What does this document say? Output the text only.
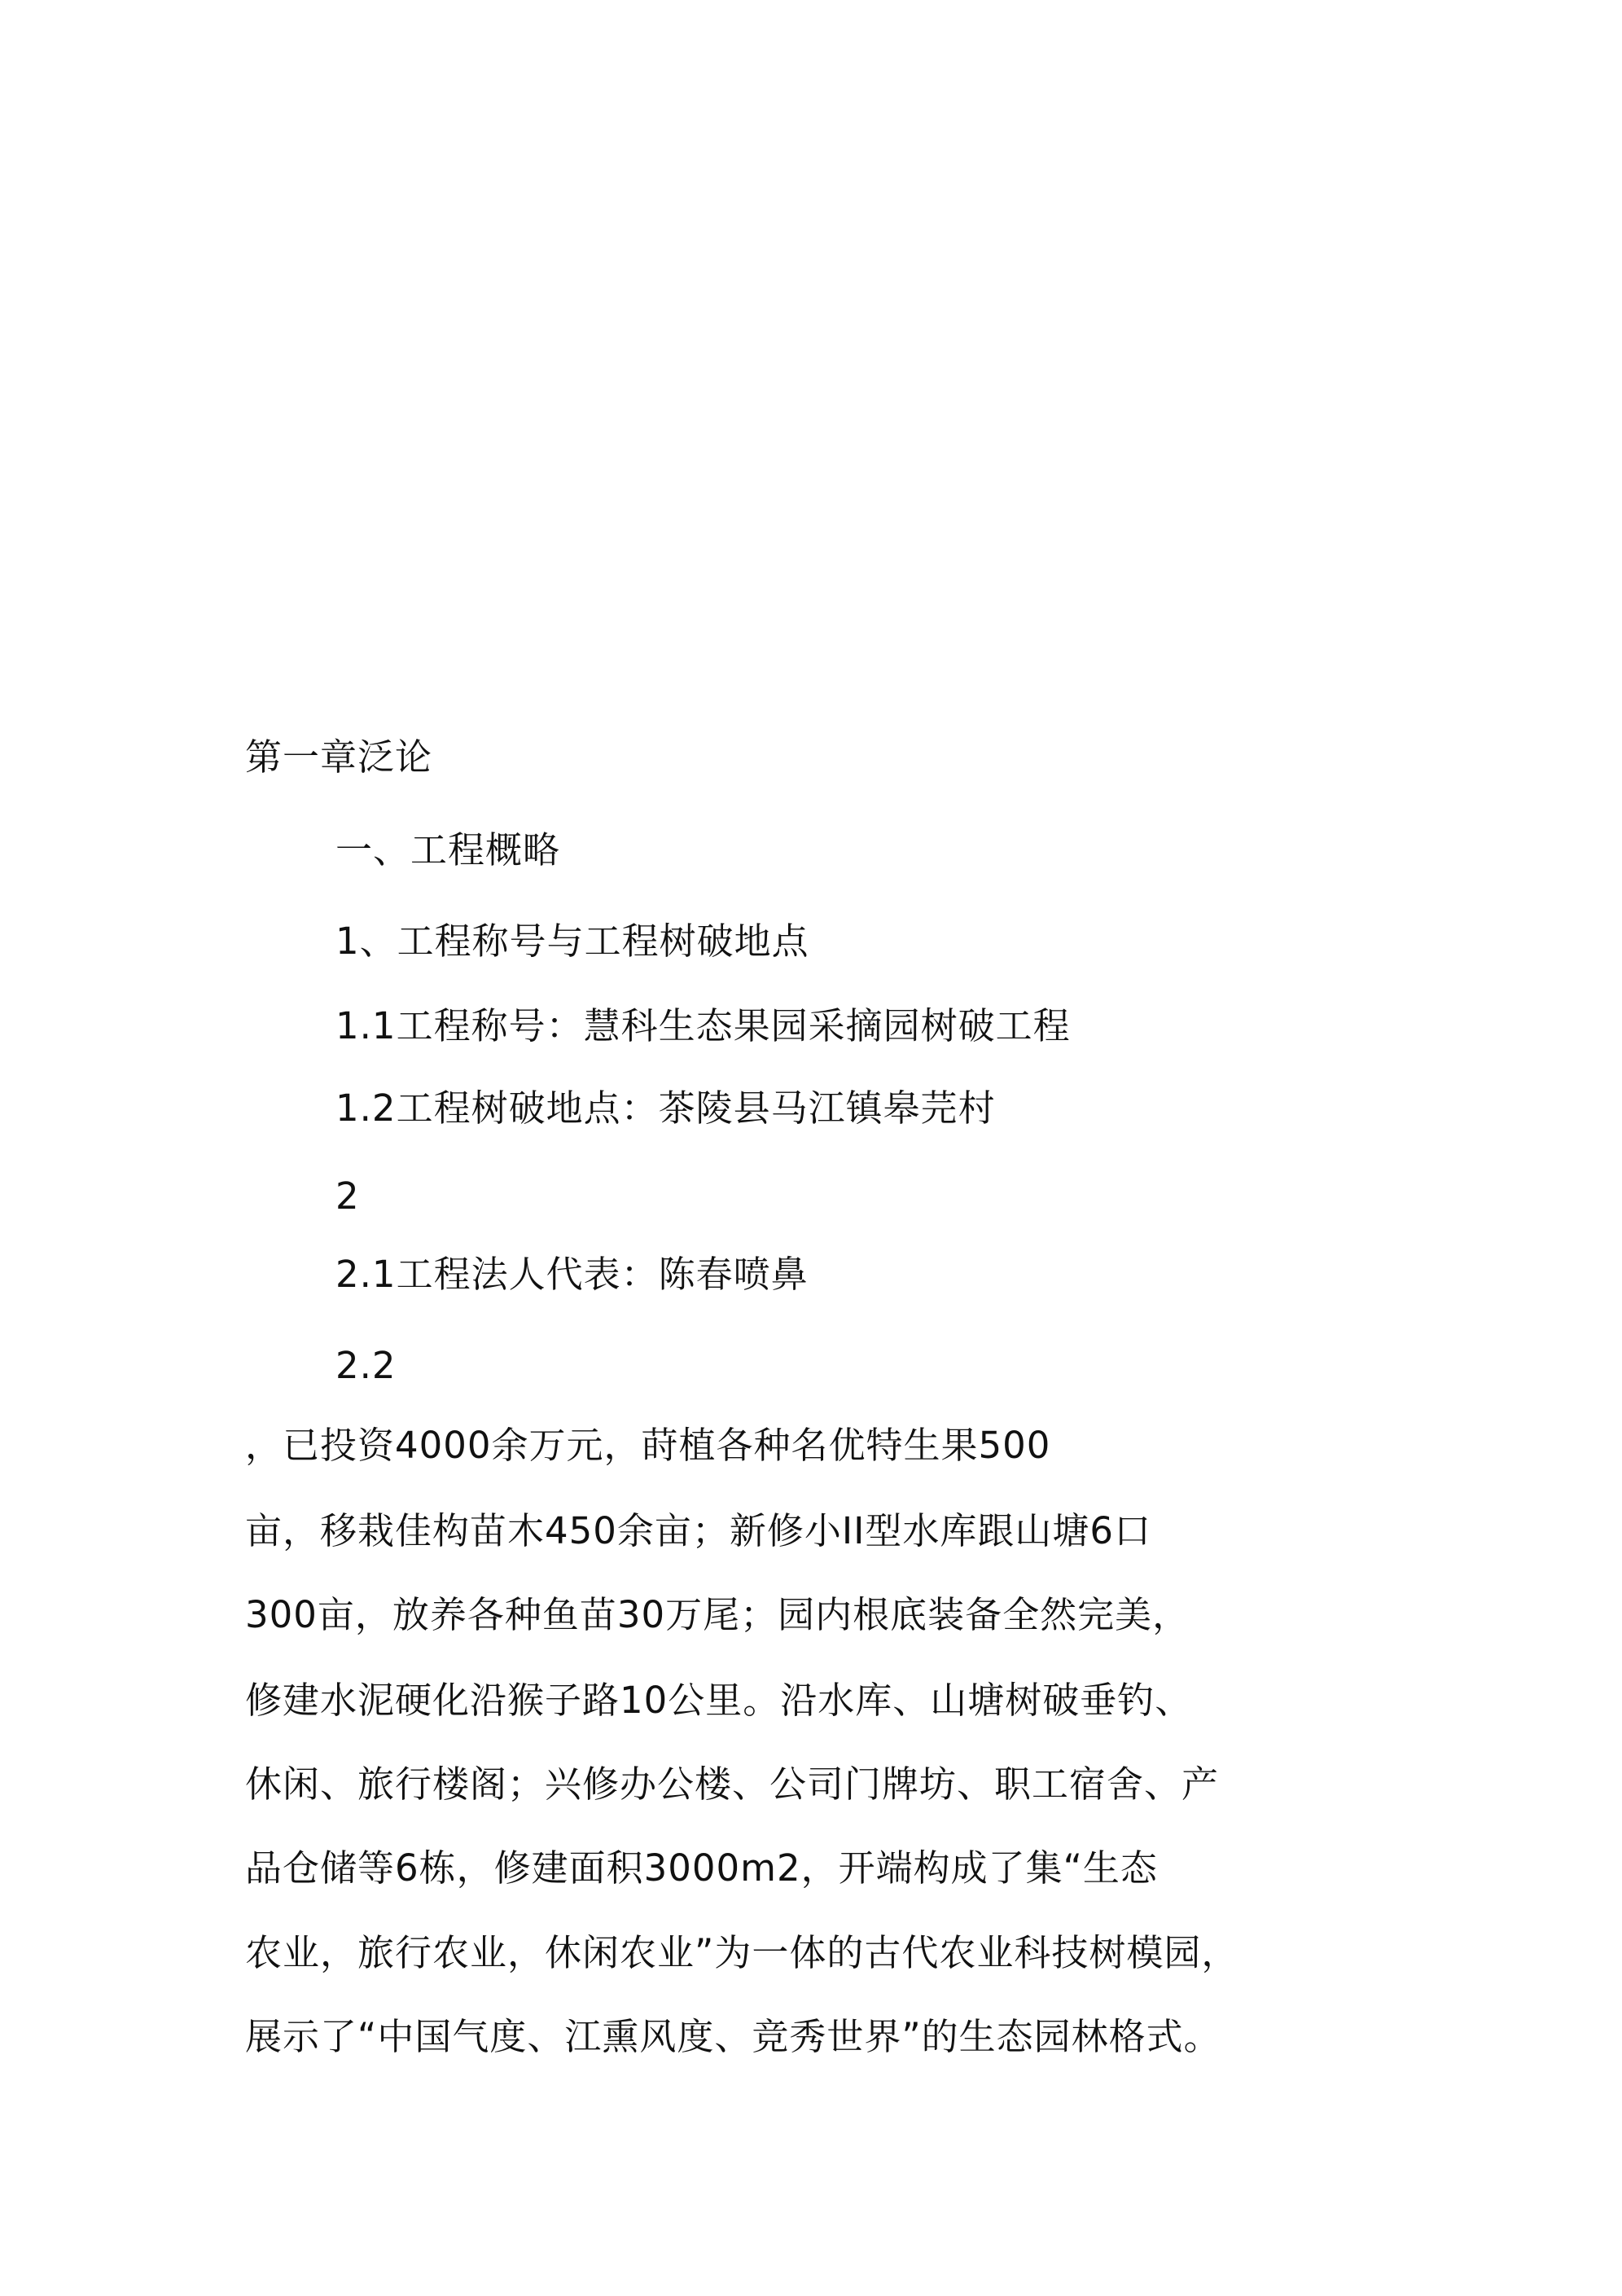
第一章泛论
一、工程概略
1、工程称号与工程树破地点
1.1工程称号：慧科生态果园采摘园树破工程
1.2工程树破地点：茶陵县马江镇皋芫村
2
2.1工程法人代表：陈春喷鼻
2.2
，已投资4000余万元，莳植各种名优特生果500
亩，移栽佳构苗木450余亩；新修小II型水库跟山塘6口
300亩，放养各种鱼苗30万尾；园内根底装备全然完美，
修建水泥硬化沿猴子路10公里。沿水库、山塘树破垂钓、
休闲、旅行楼阁；兴修办公楼、公司门牌坊、职工宿舍、产
品仓储等6栋，修建面积3000m2，开端构成了集“生态
农业，旅行农业，休闲农业”为一体的古代农业科技树模园，
展示了“中国气度、江熏风度、竞秀世界”的生态园林格式。
